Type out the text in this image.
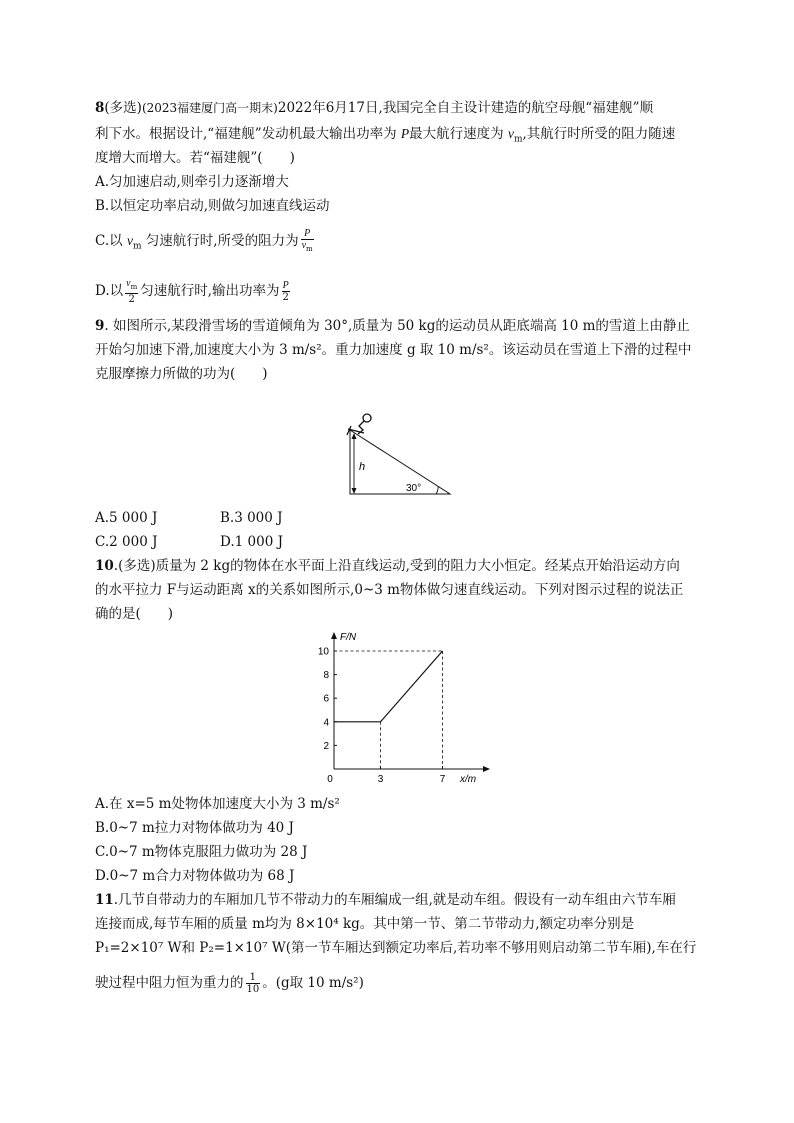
8(多选)(2023福建厦门高一期末)2022年6月17日,我国完全自主设计建造的航空母舰“福建舰”顺
利下水。根据设计,“福建舰”发动机最大输出功率为 P最大航行速度为 $v_m$,其航行时所受的阻力随速
度增大而增大。若“福建舰”(　　)
A.匀加速启动,则牵引力逐渐增大
B.以恒定功率启动,则做匀加速直线运动
C.以 $v_m$ 匀速航行时,所受的阻力为 $\frac{P}{v_m}$
D.以 $\frac{v_m}{2}$ 匀速航行时,输出功率为 $\frac{P}{2}$
9. 如图所示,某段滑雪场的雪道倾角为 30°,质量为 50 kg的运动员从距底端高 10 m的雪道上由静止
开始匀加速下滑,加速度大小为 3 m/s²。重力加速度 g 取 10 m/s²。该运动员在雪道上下滑的过程中
克服摩擦力所做的功为(　　)
h
30°
A.5 000 J	B.3 000 J
C.2 000 J	D.1 000 J
10.(多选)质量为 2 kg的物体在水平面上沿直线运动,受到的阻力大小恒定。经某点开始沿运动方向
的水平拉力 F与运动距离 x的关系如图所示,0~3 m物体做匀速直线运动。下列对图示过程的说法正
确的是(　　)
F/N
x/m
2
4
6
8
10
0	3	7
A.在 x=5 m处物体加速度大小为 3 m/s²
B.0~7 m拉力对物体做功为 40 J
C.0~7 m物体克服阻力做功为 28 J
D.0~7 m合力对物体做功为 68 J
11.几节自带动力的车厢加几节不带动力的车厢编成一组,就是动车组。假设有一动车组由六节车厢
连接而成,每节车厢的质量 m均为 8×10⁴ kg。其中第一节、第二节带动力,额定功率分别是
P₁=2×10⁷ W和 P₂=1×10⁷ W(第一节车厢达到额定功率后,若功率不够用则启动第二节车厢),车在行
驶过程中阻力恒为重力的 $\frac{1}{10}$ 。(g取 10 m/s²)
